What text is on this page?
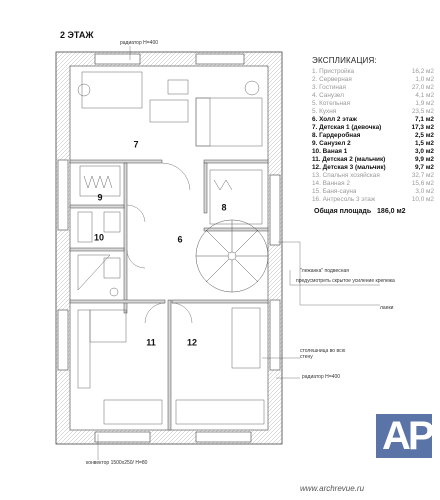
2 ЭТАЖ
6
7
8
9
10
11	12
радиатор H=400
"лежанка" подвесная
предусмотреть скрытое усиление крепежа
лаеки
столешница во всю стену
радиатор H=400
конвектор 1500х250/ H=80
ЭКСПЛИКАЦИЯ:
1. Пристройка	16,2 м2
2. Серверная	1,0 м2
3. Гостиная	27,0 м2
4. Санузел	4,1 м2
5. Котельная	1,9 м2
5. Кухня	23,5 м2
6. Холл 2 этаж	7,1 м2
7. Детская 1 (девочка)	17,3 м2
8. Гардеробная	2,5 м2
9. Санузел 2	1,5 м2
10. Ваная 1	3,0 м2
11. Детская 2 (мальчик)	9,9 м2
12. Детская 3 (мальчик)	9,7 м2
13. Спальня хозяйская	32,7 м2
14. Ванная 2	15,6 м2
15. Баня-сауна	3,0 м2
16. Антресоль 3 этаж	10,0 м2
Общая площадь 186,0 м2
АР
www.archrevue.ru
